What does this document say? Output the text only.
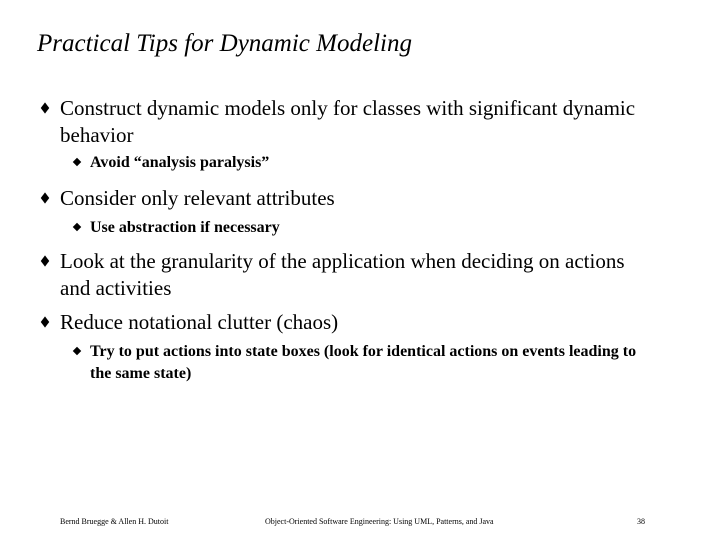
Practical Tips for Dynamic Modeling
Construct dynamic models only for classes with significant dynamic behavior
Avoid “analysis paralysis”
Consider only relevant attributes
Use abstraction if necessary
Look at the granularity of the application when deciding on actions and activities
Reduce notational clutter (chaos)
Try to put actions into state boxes (look for identical actions on events leading to the same state)
Bernd Bruegge & Allen H. Dutoit	Object-Oriented Software Engineering: Using UML, Patterns, and Java	38
